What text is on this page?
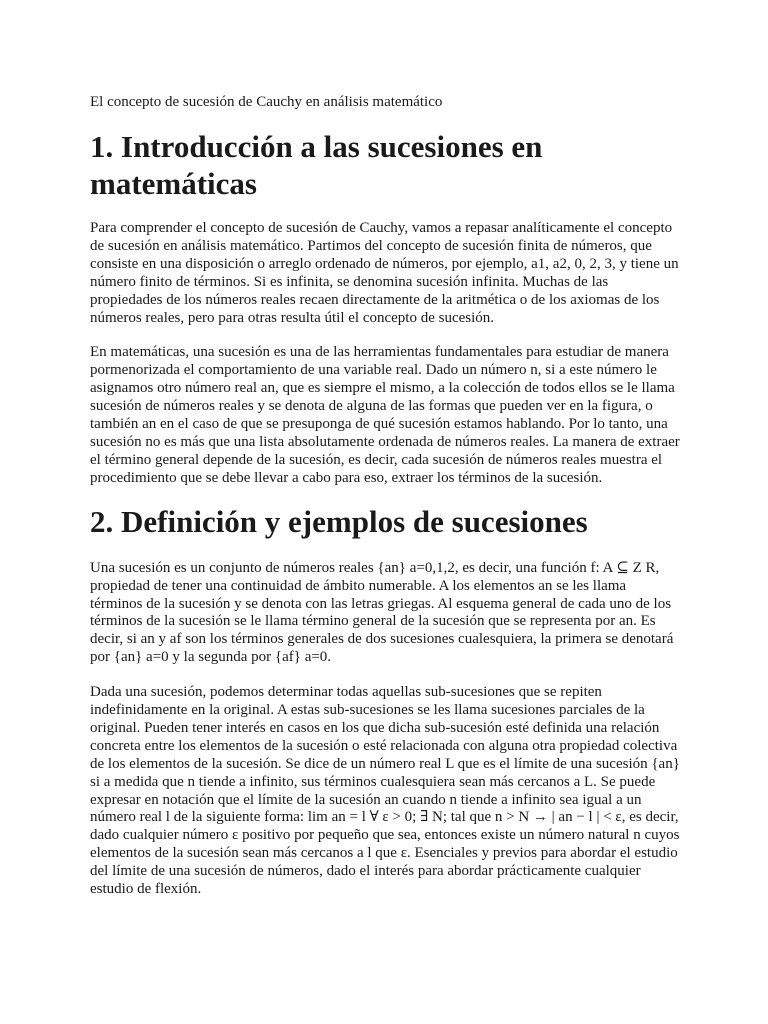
El concepto de sucesión de Cauchy en análisis matemático
1. Introducción a las sucesiones en matemáticas

Para comprender el concepto de sucesión de Cauchy, vamos a repasar analíticamente el concepto de sucesión en análisis matemático. Partimos del concepto de sucesión finita de números, que consiste en una disposición o arreglo ordenado de números, por ejemplo, a1, a2, 0, 2, 3, y tiene un número finito de términos. Si es infinita, se denomina sucesión infinita. Muchas de las propiedades de los números reales recaen directamente de la aritmética o de los axiomas de los números reales, pero para otras resulta útil el concepto de sucesión.

En matemáticas, una sucesión es una de las herramientas fundamentales para estudiar de manera pormenorizada el comportamiento de una variable real. Dado un número n, si a este número le asignamos otro número real an, que es siempre el mismo, a la colección de todos ellos se le llama sucesión de números reales y se denota de alguna de las formas que pueden ver en la figura, o también an en el caso de que se presuponga de qué sucesión estamos hablando. Por lo tanto, una sucesión no es más que una lista absolutamente ordenada de números reales. La manera de extraer el término general depende de la sucesión, es decir, cada sucesión de números reales muestra el procedimiento que se debe llevar a cabo para eso, extraer los términos de la sucesión.

2. Definición y ejemplos de sucesiones

Una sucesión es un conjunto de números reales {an} a=0,1,2, es decir, una función f: A ⊆ Z R, propiedad de tener una continuidad de ámbito numerable. A los elementos an se les llama términos de la sucesión y se denota con las letras griegas. Al esquema general de cada uno de los términos de la sucesión se le llama término general de la sucesión que se representa por an. Es decir, si an y af son los términos generales de dos sucesiones cualesquiera, la primera se denotará por {an} a=0 y la segunda por {af} a=0.

Dada una sucesión, podemos determinar todas aquellas sub-sucesiones que se repiten indefinidamente en la original. A estas sub-sucesiones se les llama sucesiones parciales de la original. Pueden tener interés en casos en los que dicha sub-sucesión esté definida una relación concreta entre los elementos de la sucesión o esté relacionada con alguna otra propiedad colectiva de los elementos de la sucesión. Se dice de un número real L que es el límite de una sucesión {an} si a medida que n tiende a infinito, sus términos cualesquiera sean más cercanos a L. Se puede expresar en notación que el límite de la sucesión an cuando n tiende a infinito sea igual a un número real l de la siguiente forma: lim an = l ∀ ε > 0; ∃ N; tal que n > N → | an − l | < ε, es decir, dado cualquier número ε positivo por pequeño que sea, entonces existe un número natural n cuyos elementos de la sucesión sean más cercanos a l que ε. Esenciales y previos para abordar el estudio del límite de una sucesión de números, dado el interés para abordar prácticamente cualquier estudio de flexión.
